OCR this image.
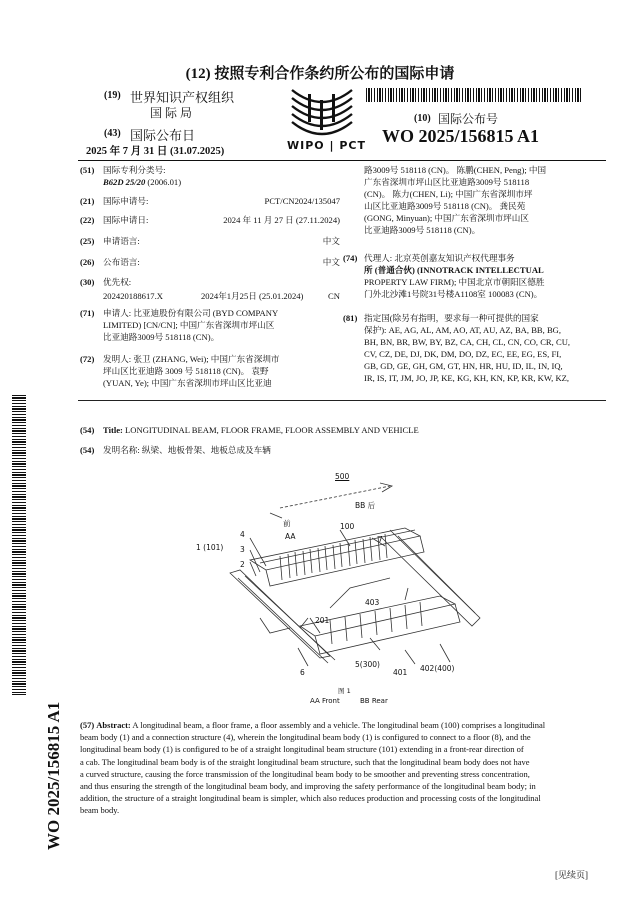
(12) 按照专利合作条约所公布的国际申请
(19) 世界知识产权组织
国 际 局
(43) 国际公布日
2025 年 7 月 31 日 (31.07.2025)	WIPO | PCT
(10) 国际公布号
WO 2025/156815 A1
(51) 国际专利分类号:
B62D 25/20 (2006.01)
(21) 国际申请号:	PCT/CN2024/135047
(22) 国际申请日:	2024 年 11 月 27 日 (27.11.2024)
(25) 申请语言:	中文
(26) 公布语言:	中文
(30) 优先权:
202420188617.X	2024年1月25日 (25.01.2024)	CN
(71)	申请人: 比亚迪股份有限公司 (BYD COMPANY
LIMITED) [CN/CN]; 中国广东省深圳市坪山区
比亚迪路3009号 518118 (CN)。
(72)	发明人: 张卫 (ZHANG, Wei); 中国广东省深圳市
坪山区比亚迪路 3009 号 518118 (CN)。 袁野
(YUAN, Ye); 中国广东省深圳市坪山区比亚迪
路3009号 518118 (CN)。 陈鹏(CHEN, Peng); 中国
广东省深圳市坪山区比亚迪路3009号 518118
(CN)。 陈力(CHEN, Li); 中国广东省深圳市坪
山区比亚迪路3009号 518118 (CN)。 龚民苑
(GONG, Minyuan); 中国广东省深圳市坪山区
比亚迪路3009号 518118 (CN)。
(74) 代理人: 北京英创嘉友知识产权代理事务
所 (普通合伙) (INNOTRACK INTELLECTUAL
PROPERTY LAW FIRM); 中国北京市朝阳区德胜
门外北沙滩1号院31号楼A1108室 100083 (CN)。
(81) 指定国(除另有指明，要求每一种可提供的国家
保护): AE, AG, AL, AM, AO, AT, AU, AZ, BA, BB, BG,
BH, BN, BR, BW, BY, BZ, CA, CH, CL, CN, CO, CR, CU,
CV, CZ, DE, DJ, DK, DM, DO, DZ, EC, EE, EG, ES, FI,
GB, GD, GE, GH, GM, GT, HN, HR, HU, ID, IL, IN, IQ,
IR, IS, IT, JM, JO, JP, KE, KG, KH, KN, KP, KR, KW, KZ,
(54) Title: LONGITUDINAL BEAM, FLOOR FRAME, FLOOR ASSEMBLY AND VEHICLE
(54) 发明名称: 纵梁、地板骨架、地板总成及车辆
500
BB 后
前
AA
100
1 (101)
4
3
2
7
403
201
6
5(300)
401 402(400)
图 1
AA Front	BB Rear
(57) Abstract: A longitudinal beam, a floor frame, a floor assembly and a vehicle. The longitudinal beam (100) comprises a longitudinal
beam body (1) and a connection structure (4), wherein the longitudinal beam body (1) is configured to connect to a floor (8), and the
longitudinal beam body (1) is configured to be of a straight longitudinal beam structure (101) extending in a front-rear direction of
a cab. The longitudinal beam body is of the straight longitudinal beam structure, such that the longitudinal beam body does not have
a curved structure, causing the force transmission of the longitudinal beam body to be smoother and preventing stress concentration,
and thus ensuring the strength of the longitudinal beam body, and improving the safety performance of the longitudinal beam body; in
addition, the structure of a straight longitudinal beam is simpler, which also reduces production and processing costs of the longitudinal
beam body.
[见续页]
WO 2025/156815 A1
